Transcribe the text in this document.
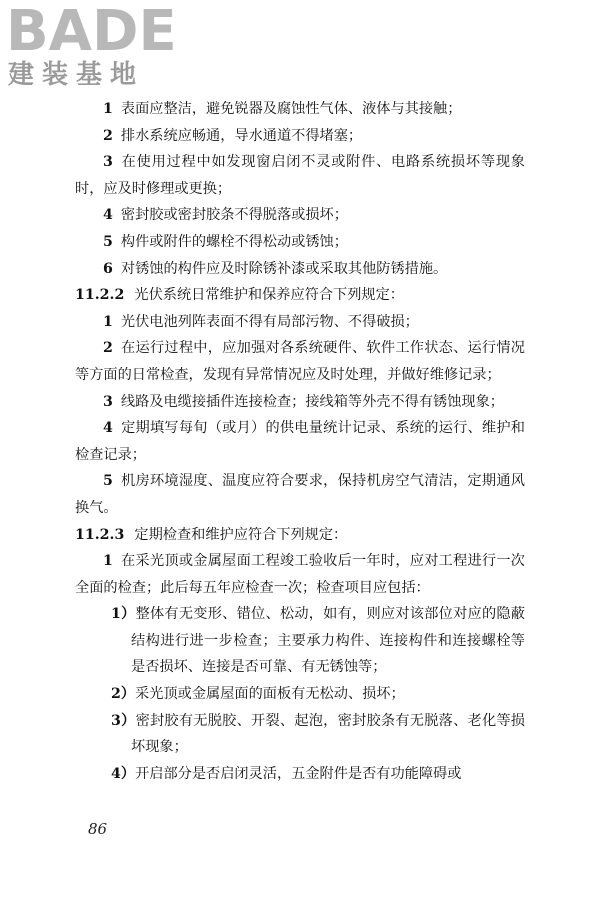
BADE
建装基地

1 表面应整洁，避免锐器及腐蚀性气体、液体与其接触；

2 排水系统应畅通，导水通道不得堵塞；

3 在使用过程中如发现窗启闭不灵或附件、电路系统损坏等现象时，应及时修理或更换；

4 密封胶或密封胶条不得脱落或损坏；

5 构件或附件的螺栓不得松动或锈蚀；

6 对锈蚀的构件应及时除锈补漆或采取其他防锈措施。

11.2.2 光伏系统日常维护和保养应符合下列规定：

1 光伏电池列阵表面不得有局部污物、不得破损；

2 在运行过程中，应加强对各系统硬件、软件工作状态、运行情况等方面的日常检查，发现有异常情况应及时处理，并做好维修记录；

3 线路及电缆接插件连接检查；接线箱等外壳不得有锈蚀现象；

4 定期填写每旬（或月）的供电量统计记录、系统的运行、维护和检查记录；

5 机房环境湿度、温度应符合要求，保持机房空气清洁，定期通风换气。

11.2.3 定期检查和维护应符合下列规定：

1 在采光顶或金属屋面工程竣工验收后一年时，应对工程进行一次全面的检查；此后每五年应检查一次；检查项目应包括：

1）整体有无变形、错位、松动，如有，则应对该部位对应的隐蔽结构进行进一步检查；主要承力构件、连接构件和连接螺栓等是否损坏、连接是否可靠、有无锈蚀等；

2）采光顶或金属屋面的面板有无松动、损坏；

3）密封胶有无脱胶、开裂、起泡，密封胶条有无脱落、老化等损坏现象；

4）开启部分是否启闭灵活，五金附件是否有功能障碍或

86
